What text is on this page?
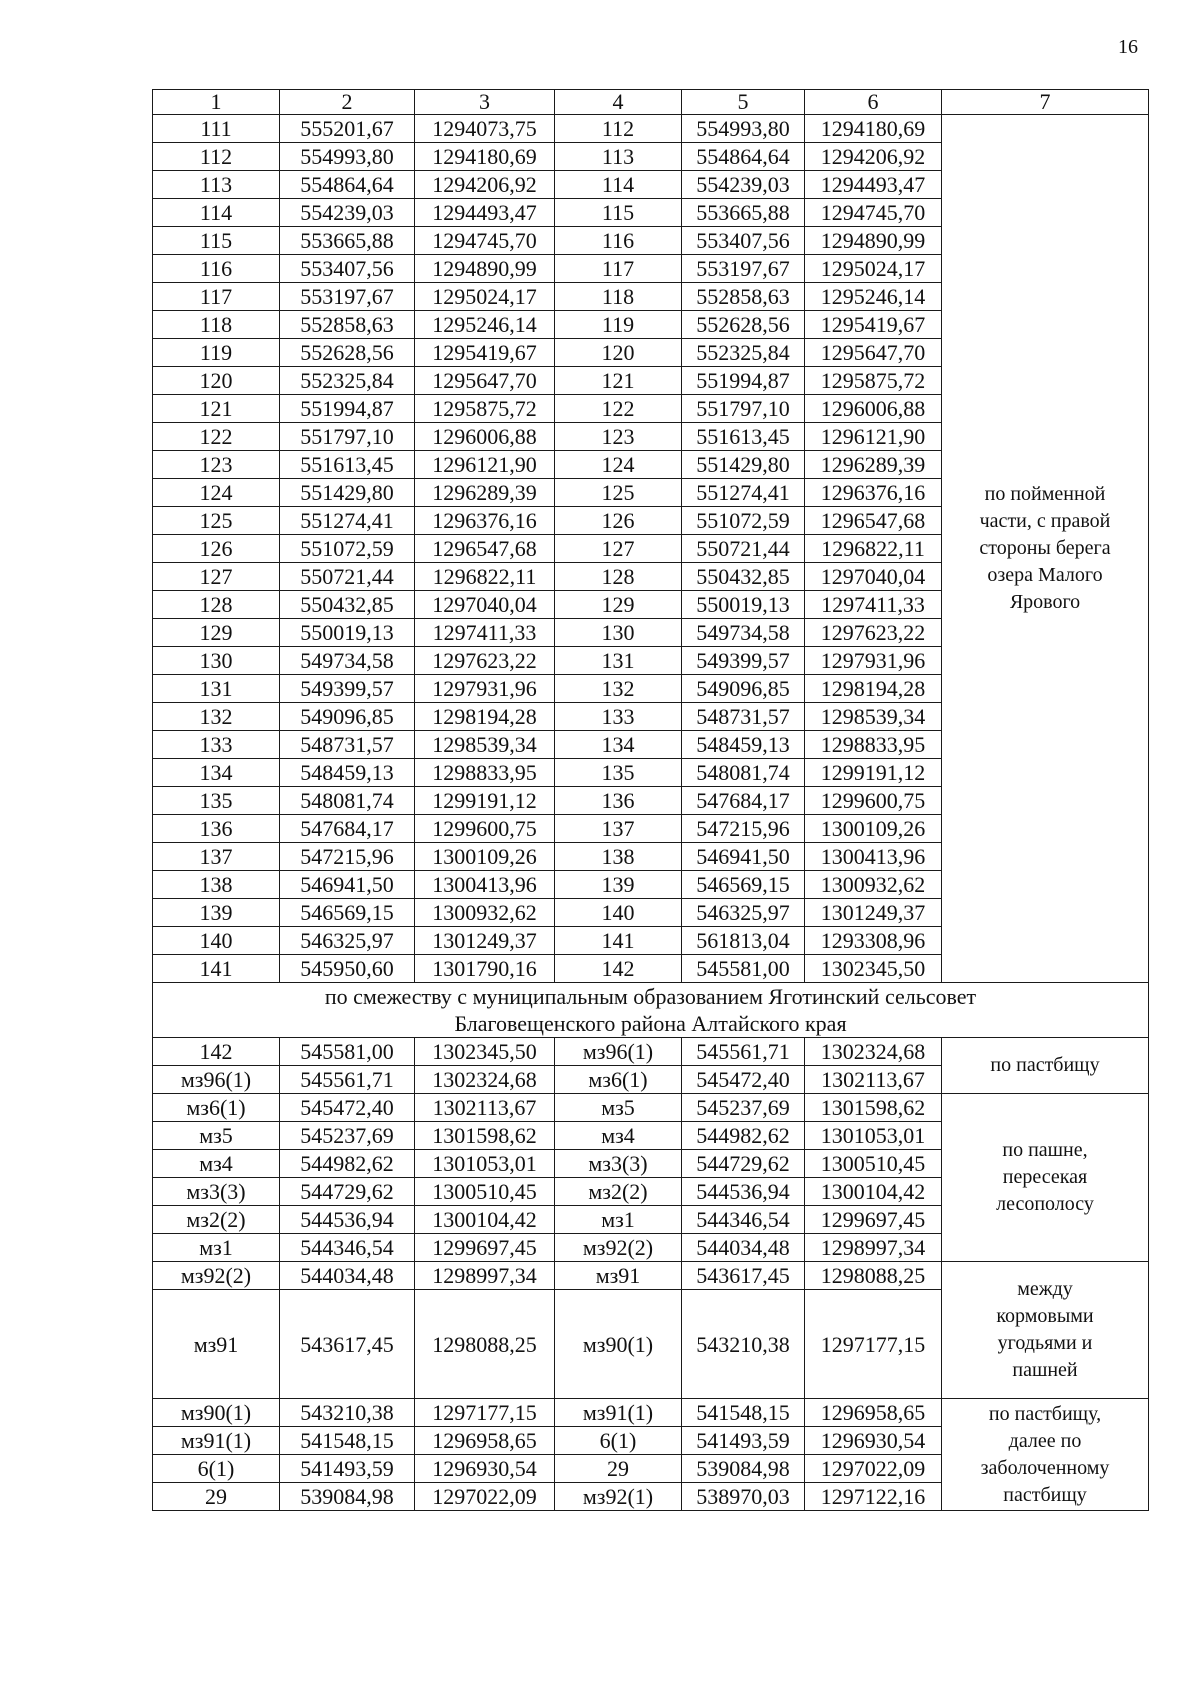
16
1	2	3	4	5	6	7
111	555201,67	1294073,75	112	554993,80	1294180,69	по пойменной
части, с правой
стороны берега
озера Малого
Ярового

112	554993,80	1294180,69	113	554864,64	1294206,92	
113	554864,64	1294206,92	114	554239,03	1294493,47	
114	554239,03	1294493,47	115	553665,88	1294745,70	
115	553665,88	1294745,70	116	553407,56	1294890,99	
116	553407,56	1294890,99	117	553197,67	1295024,17	
117	553197,67	1295024,17	118	552858,63	1295246,14	
118	552858,63	1295246,14	119	552628,56	1295419,67	
119	552628,56	1295419,67	120	552325,84	1295647,70	
120	552325,84	1295647,70	121	551994,87	1295875,72	
121	551994,87	1295875,72	122	551797,10	1296006,88	
122	551797,10	1296006,88	123	551613,45	1296121,90	
123	551613,45	1296121,90	124	551429,80	1296289,39	
124	551429,80	1296289,39	125	551274,41	1296376,16	
125	551274,41	1296376,16	126	551072,59	1296547,68	
126	551072,59	1296547,68	127	550721,44	1296822,11	
127	550721,44	1296822,11	128	550432,85	1297040,04	
128	550432,85	1297040,04	129	550019,13	1297411,33	
129	550019,13	1297411,33	130	549734,58	1297623,22	
130	549734,58	1297623,22	131	549399,57	1297931,96	
131	549399,57	1297931,96	132	549096,85	1298194,28	
132	549096,85	1298194,28	133	548731,57	1298539,34	
133	548731,57	1298539,34	134	548459,13	1298833,95	
134	548459,13	1298833,95	135	548081,74	1299191,12	
135	548081,74	1299191,12	136	547684,17	1299600,75	
136	547684,17	1299600,75	137	547215,96	1300109,26	
137	547215,96	1300109,26	138	546941,50	1300413,96	
138	546941,50	1300413,96	139	546569,15	1300932,62	
139	546569,15	1300932,62	140	546325,97	1301249,37	
140	546325,97	1301249,37	141	561813,04	1293308,96	
141	545950,60	1301790,16	142	545581,00	1302345,50	

по смежеству с муниципальным образованием Яготинский сельсовет
Благовещенского района Алтайского края						

142	545581,00	1302345,50	мз96(1)	545561,71	1302324,68	по пастбищу

мз96(1)	545561,71	1302324,68	мз6(1)	545472,40	1302113,67	
мз6(1)	545472,40	1302113,67	мз5	545237,69	1301598,62	по пашне,
пересекая
лесополосу

мз5	545237,69	1301598,62	мз4	544982,62	1301053,01	
мз4	544982,62	1301053,01	мз3(3)	544729,62	1300510,45	
мз3(3)	544729,62	1300510,45	мз2(2)	544536,94	1300104,42	
мз2(2)	544536,94	1300104,42	мз1	544346,54	1299697,45	
мз1	544346,54	1299697,45	мз92(2)	544034,48	1298997,34	
мз92(2)	544034,48	1298997,34	мз91	543617,45	1298088,25	между
кормовыми
угодьями и
пашней

мз91	543617,45	1298088,25	мз90(1)	543210,38	1297177,15	
мз90(1)	543210,38	1297177,15	мз91(1)	541548,15	1296958,65	по пастбищу,
далее по
заболоченному
пастбищу

мз91(1)	541548,15	1296958,65	6(1)	541493,59	1296930,54	
6(1)	541493,59	1296930,54	29	539084,98	1297022,09	
29	539084,98	1297022,09	мз92(1)	538970,03	1297122,16	
